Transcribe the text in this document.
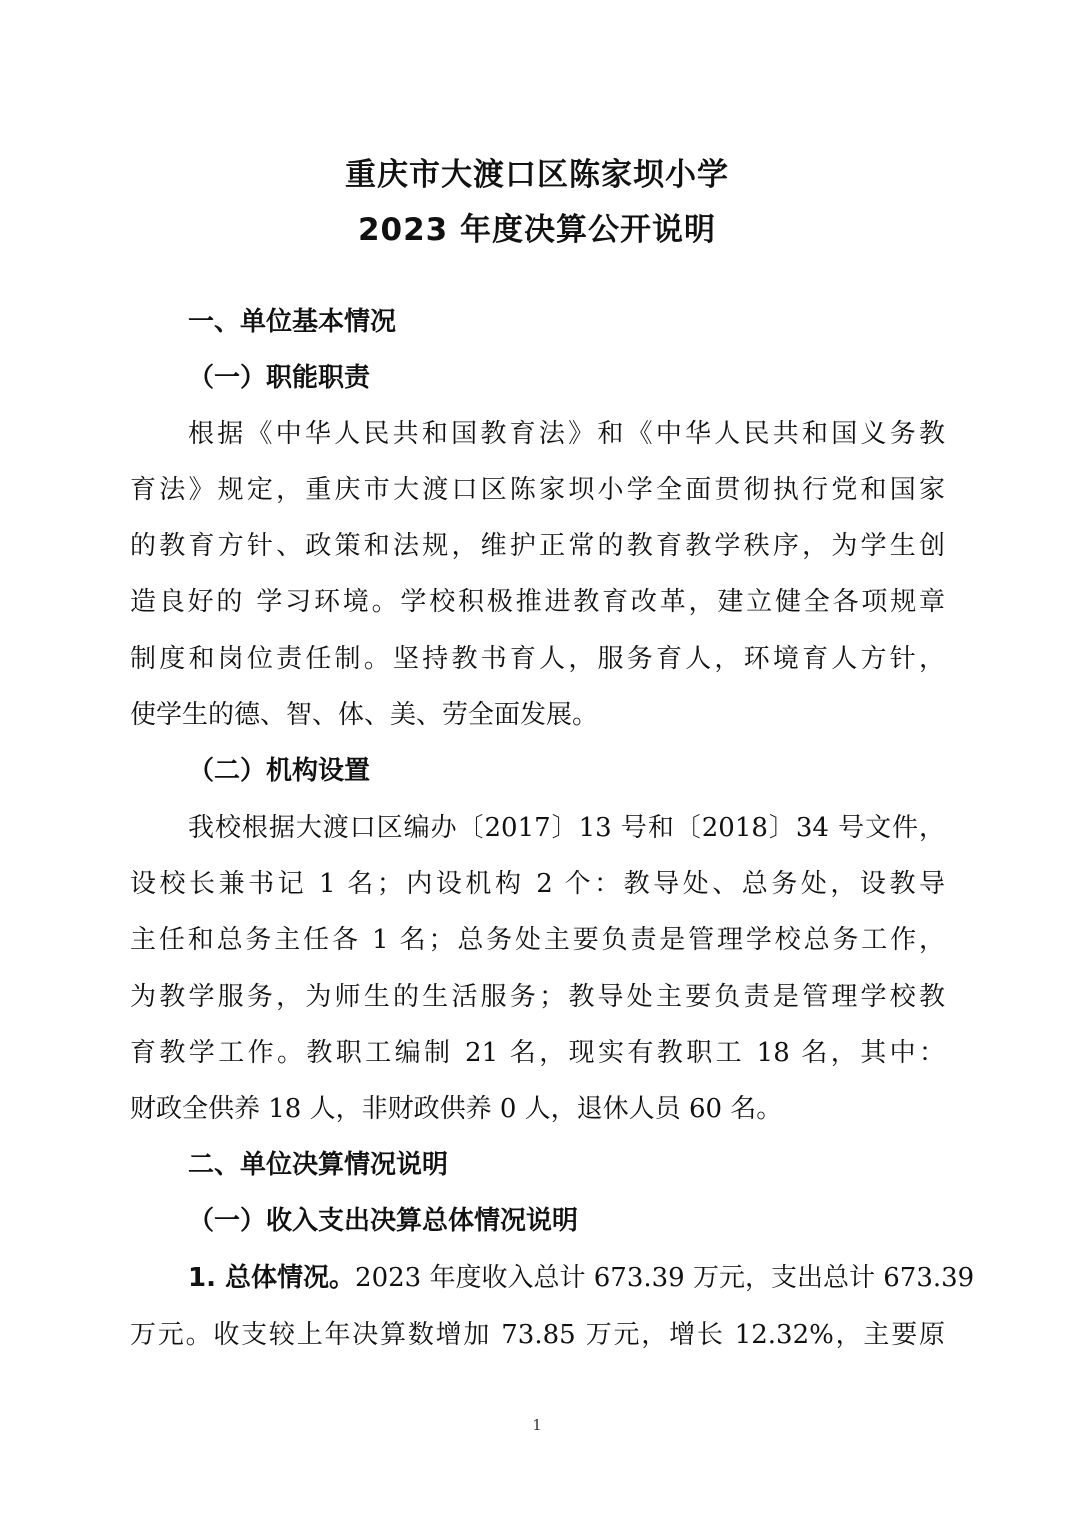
重庆市大渡口区陈家坝小学
2023 年度决算公开说明
一、单位基本情况
（一）职能职责
根据《中华人民共和国教育法》和《中华人民共和国义务教
育法》规定，重庆市大渡口区陈家坝小学全面贯彻执行党和国家
的教育方针、政策和法规，维护正常的教育教学秩序，为学生创
造良好的 学习环境。学校积极推进教育改革，建立健全各项规章
制度和岗位责任制。坚持教书育人，服务育人，环境育人方针，
使学生的德、智、体、美、劳全面发展。
（二）机构设置
我校根据大渡口区编办〔2017〕13 号和〔2018〕34 号文件，
设校长兼书记 1 名；内设机构 2 个：教导处、总务处，设教导
主任和总务主任各 1 名；总务处主要负责是管理学校总务工作，
为教学服务，为师生的生活服务；教导处主要负责是管理学校教
育教学工作。教职工编制 21 名，现实有教职工 18 名，其中：
财政全供养 18 人，非财政供养 0 人，退休人员 60 名。
二、单位决算情况说明
（一）收入支出决算总体情况说明
1. 总体情况。2023 年度收入总计 673.39 万元，支出总计 673.39
万元。收支较上年决算数增加 73.85 万元，增长 12.32%，主要原
1
